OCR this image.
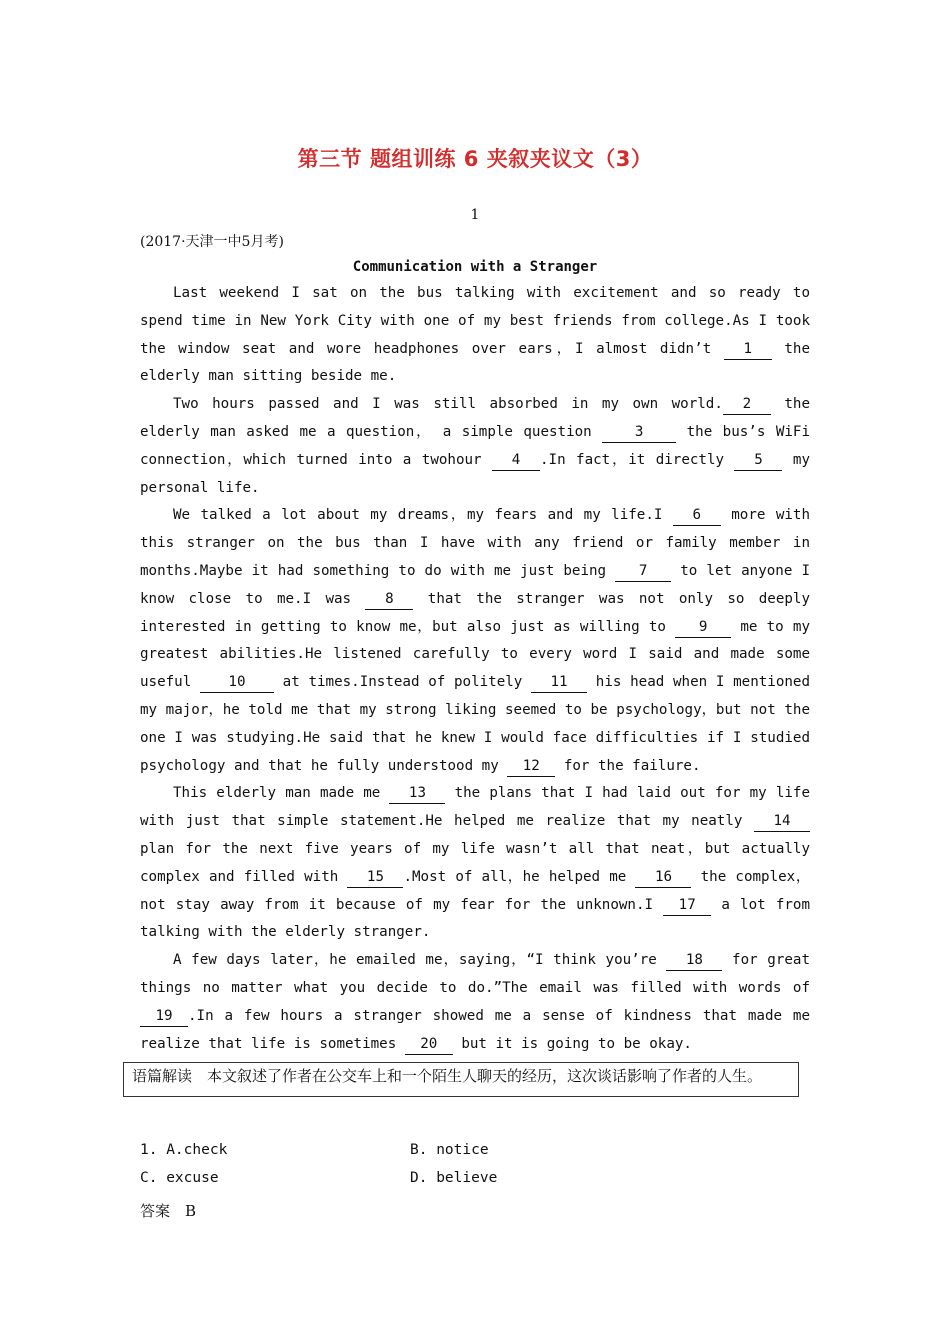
第三节 题组训练 6 夹叙夹议文（3）
1
(2017·天津一中5月考)
Communication with a Stranger

Last weekend I sat on the bus talking with excitement and so ready to spend time in New York City with one of my best friends from college.As I took the window seat and wore headphones over ears，I almost didn’t 1 the elderly man sitting beside me.

Two hours passed and I was still absorbed in my own world. 2 the elderly man asked me a question， a simple question 3 the bus’s WiFi connection，which turned into a twohour 4 .In fact，it directly 5 my personal life.

We talked a lot about my dreams，my fears and my life.I 6 more with this stranger on the bus than I have with any friend or family member in months.Maybe it had something to do with me just being 7 to let anyone I know close to me.I was 8 that the stranger was not only so deeply interested in getting to know me，but also just as willing to 9 me to my greatest abilities.He listened carefully to every word I said and made some useful 10 at times.Instead of politely 11 his head when I mentioned my major，he told me that my strong liking seemed to be psychology，but not the one I was studying.He said that he knew I would face difficulties if I studied psychology and that he fully understood my 12 for the failure.

This elderly man made me 13 the plans that I had laid out for my life with just that simple statement.He helped me realize that my neatly 14 plan for the next five years of my life wasn’t all that neat，but actually complex and filled with 15 .Most of all，he helped me 16 the complex，not stay away from it because of my fear for the unknown.I 17 a lot from talking with the elderly stranger.

A few days later，he emailed me，saying，“I think you’re 18 for great things no matter what you decide to do.”The email was filled with words of 19 .In a few hours a stranger showed me a sense of kindness that made me realize that life is sometimes 20 but it is going to be okay.

语篇解读　本文叙述了作者在公交车上和一个陌生人聊天的经历，这次谈话影响了作者的人生。
1. A.check	B. notice
C. excuse	D. believe
答案　B
